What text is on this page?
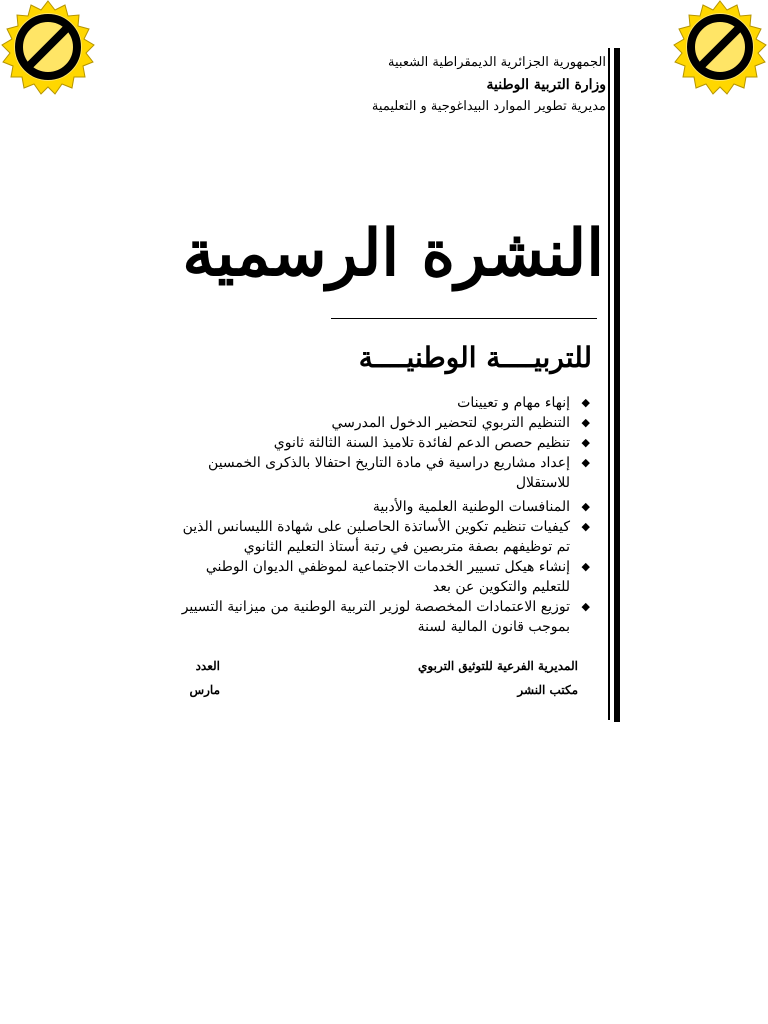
الجمهورية الجزائرية الديمقراطية الشعبية
وزارة التربية الوطنية
مديرية تطوير الموارد البيداغوجية و التعليمية
النشرة الرسمية
للتربيــــة الوطنيــــة
◆
إنهاء مهام و تعيينات
◆
التنظيم التربوي لتحضير الدخول المدرسي
◆
تنظيم حصص الدعم لفائدة تلاميذ السنة الثالثة ثانوي
◆
إعداد مشاريع دراسية في مادة التاريخ احتفالا بالذكرى الخمسين
للاستقلال
◆
المنافسات الوطنية العلمية والأدبية
◆
كيفيات تنظيم تكوين الأساتذة الحاصلين على شهادة الليسانس الذين
تم توظيفهم بصفة متربصين في رتبة أستاذ التعليم الثانوي
◆
إنشاء هيكل تسيير الخدمات الاجتماعية لموظفي الديوان الوطني
للتعليم والتكوين عن بعد
◆
توزيع الاعتمادات المخصصة لوزير التربية الوطنية من ميزانية التسيير
بموجب قانون المالية لسنة
المديرية الفرعية للتوثيق التربوي
مكتب النشر
العدد
مارس
